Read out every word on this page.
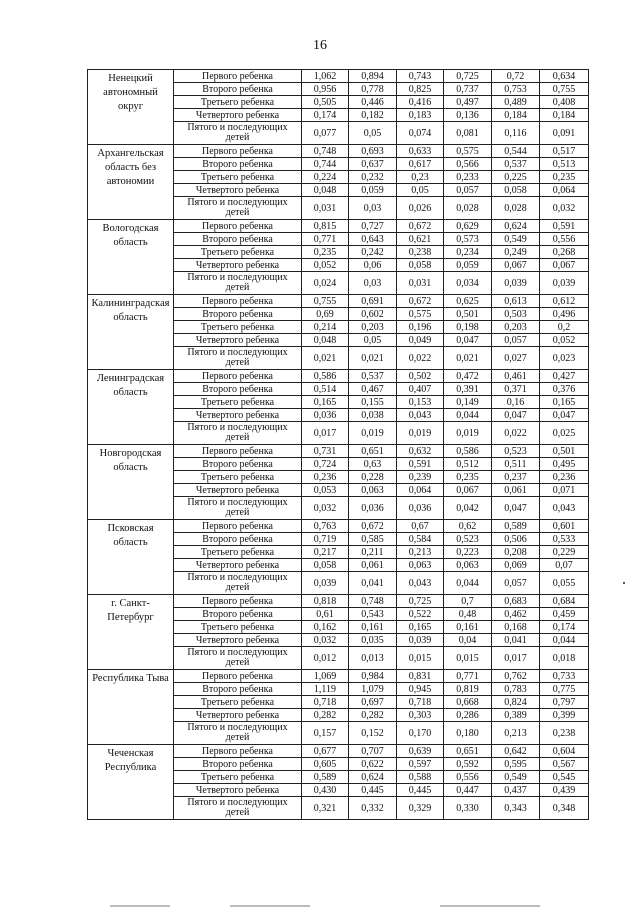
16
Ненецкий автономный округ	Первого ребенка	1,062	0,894	0,743	0,725	0,72	0,634
	Второго ребенка	0,956	0,778	0,825	0,737	0,753	0,755
	Третьего ребенка	0,505	0,446	0,416	0,497	0,489	0,408
	Четвертого ребенка	0,174	0,182	0,183	0,136	0,184	0,184
	Пятого и последующих детей	0,077	0,05	0,074	0,081	0,116	0,091
Архангельская область без автономии	Первого ребенка	0,748	0,693	0,633	0,575	0,544	0,517
	Второго ребенка	0,744	0,637	0,617	0,566	0,537	0,513
	Третьего ребенка	0,224	0,232	0,23	0,233	0,225	0,235
	Четвертого ребенка	0,048	0,059	0,05	0,057	0,058	0,064
	Пятого и последующих детей	0,031	0,03	0,026	0,028	0,028	0,032
Вологодская область	Первого ребенка	0,815	0,727	0,672	0,629	0,624	0,591
	Второго ребенка	0,771	0,643	0,621	0,573	0,549	0,556
	Третьего ребенка	0,235	0,242	0,238	0,234	0,249	0,268
	Четвертого ребенка	0,052	0,06	0,058	0,059	0,067	0,067
	Пятого и последующих детей	0,024	0,03	0,031	0,034	0,039	0,039
Калининградская область	Первого ребенка	0,755	0,691	0,672	0,625	0,613	0,612
	Второго ребенка	0,69	0,602	0,575	0,501	0,503	0,496
	Третьего ребенка	0,214	0,203	0,196	0,198	0,203	0,2
	Четвертого ребенка	0,048	0,05	0,049	0,047	0,057	0,052
	Пятого и последующих детей	0,021	0,021	0,022	0,021	0,027	0,023
Ленинградская область	Первого ребенка	0,586	0,537	0,502	0,472	0,461	0,427
	Второго ребенка	0,514	0,467	0,407	0,391	0,371	0,376
	Третьего ребенка	0,165	0,155	0,153	0,149	0,16	0,165
	Четвертого ребенка	0,036	0,038	0,043	0,044	0,047	0,047
	Пятого и последующих детей	0,017	0,019	0,019	0,019	0,022	0,025
Новгородская область	Первого ребенка	0,731	0,651	0,632	0,586	0,523	0,501
	Второго ребенка	0,724	0,63	0,591	0,512	0,511	0,495
	Третьего ребенка	0,236	0,228	0,239	0,235	0,237	0,236
	Четвертого ребенка	0,053	0,063	0,064	0,067	0,061	0,071
	Пятого и последующих детей	0,032	0,036	0,036	0,042	0,047	0,043
Псковская область	Первого ребенка	0,763	0,672	0,67	0,62	0,589	0,601
	Второго ребенка	0,719	0,585	0,584	0,523	0,506	0,533
	Третьего ребенка	0,217	0,211	0,213	0,223	0,208	0,229
	Четвертого ребенка	0,058	0,061	0,063	0,063	0,069	0,07
	Пятого и последующих детей	0,039	0,041	0,043	0,044	0,057	0,055
г. Санкт-Петербург	Первого ребенка	0,818	0,748	0,725	0,7	0,683	0,684
	Второго ребенка	0,61	0,543	0,522	0,48	0,462	0,459
	Третьего ребенка	0,162	0,161	0,165	0,161	0,168	0,174
	Четвертого ребенка	0,032	0,035	0,039	0,04	0,041	0,044
	Пятого и последующих детей	0,012	0,013	0,015	0,015	0,017	0,018
Республика Тыва	Первого ребенка	1,069	0,984	0,831	0,771	0,762	0,733
	Второго ребенка	1,119	1,079	0,945	0,819	0,783	0,775
	Третьего ребенка	0,718	0,697	0,718	0,668	0,824	0,797
	Четвертого ребенка	0,282	0,282	0,303	0,286	0,389	0,399
	Пятого и последующих детей	0,157	0,152	0,170	0,180	0,213	0,238
Чеченская Республика	Первого ребенка	0,677	0,707	0,639	0,651	0,642	0,604
	Второго ребенка	0,605	0,622	0,597	0,592	0,595	0,567
	Третьего ребенка	0,589	0,624	0,588	0,556	0,549	0,545
	Четвертого ребенка	0,430	0,445	0,445	0,447	0,437	0,439
	Пятого и последующих детей	0,321	0,332	0,329	0,330	0,343	0,348
